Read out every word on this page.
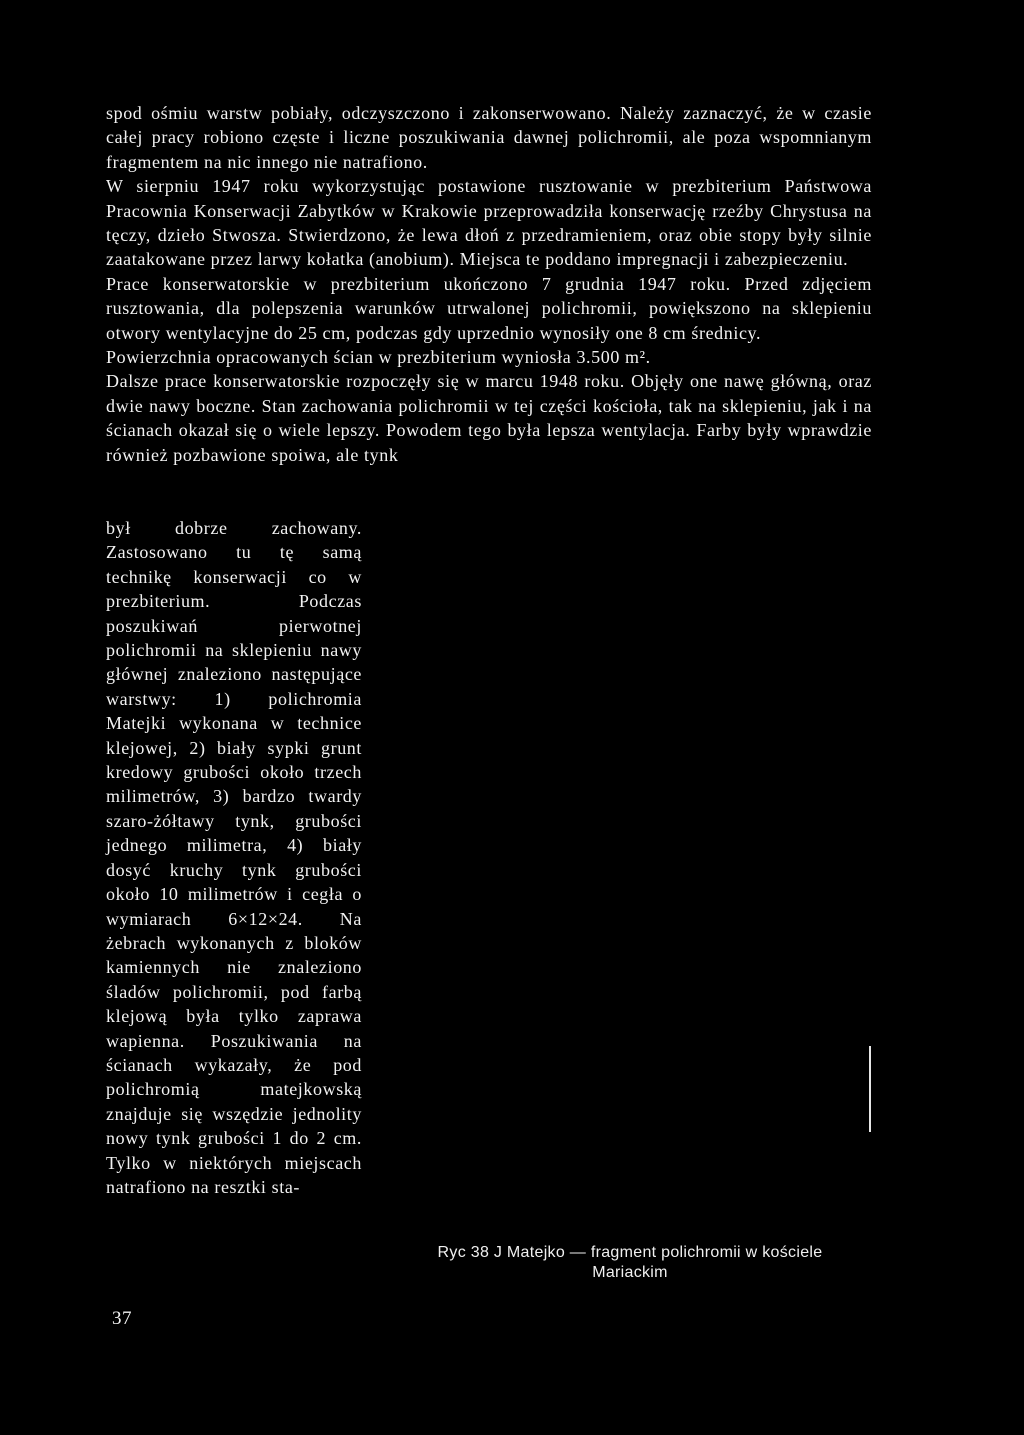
spod ośmiu warstw pobiały, odczyszczono i zakonserwowano. Należy zaznaczyć, że w czasie całej pracy robiono częste i liczne poszukiwania dawnej polichromii, ale poza wspomnianym fragmentem na nic innego nie natrafiono.

W sierpniu 1947 roku wykorzystując postawione rusztowanie w prezbiterium Państwowa Pracownia Konserwacji Zabytków w Krakowie przeprowadziła konserwację rzeźby Chrystusa na tęczy, dzieło Stwosza. Stwierdzono, że lewa dłoń z przedramieniem, oraz obie stopy były silnie zaatakowane przez larwy kołatka (anobium). Miejsca te poddano impregnacji i zabezpieczeniu.

Prace konserwatorskie w prezbiterium ukończono 7 grudnia 1947 roku. Przed zdjęciem rusztowania, dla polepszenia warunków utrwalonej polichromii, powiększono na sklepieniu otwory wentylacyjne do 25 cm, podczas gdy uprzednio wynosiły one 8 cm średnicy.

Powierzchnia opracowanych ścian w prezbiterium wyniosła 3.500 m².

Dalsze prace konserwatorskie rozpoczęły się w marcu 1948 roku. Objęły one nawę główną, oraz dwie nawy boczne. Stan zachowania polichromii w tej części kościoła, tak na sklepieniu, jak i na ścianach okazał się o wiele lepszy. Powodem tego była lepsza wentylacja. Farby były wprawdzie również pozbawione spoiwa, ale tynk

był dobrze zachowany. Zastosowano tu tę samą technikę konserwacji co w prezbiterium. Podczas poszukiwań pierwotnej polichromii na sklepieniu nawy głównej znaleziono następujące warstwy: 1) polichromia Matejki wykonana w technice klejowej, 2) biały sypki grunt kredowy grubości około trzech milimetrów, 3) bardzo twardy szaro-żółtawy tynk, grubości jednego milimetra, 4) biały dosyć kruchy tynk grubości około 10 milimetrów i cegła o wymiarach 6×12×24. Na żebrach wykonanych z bloków kamiennych nie znaleziono śladów polichromii, pod farbą klejową była tylko zaprawa wapienna. Poszukiwania na ścianach wykazały, że pod polichromią matejkowską znajduje się wszędzie jednolity nowy tynk grubości 1 do 2 cm. Tylko w niektórych miejscach natrafiono na resztki sta-
Ryc 38 J Matejko — fragment polichromii w kościele
Mariackim
37
